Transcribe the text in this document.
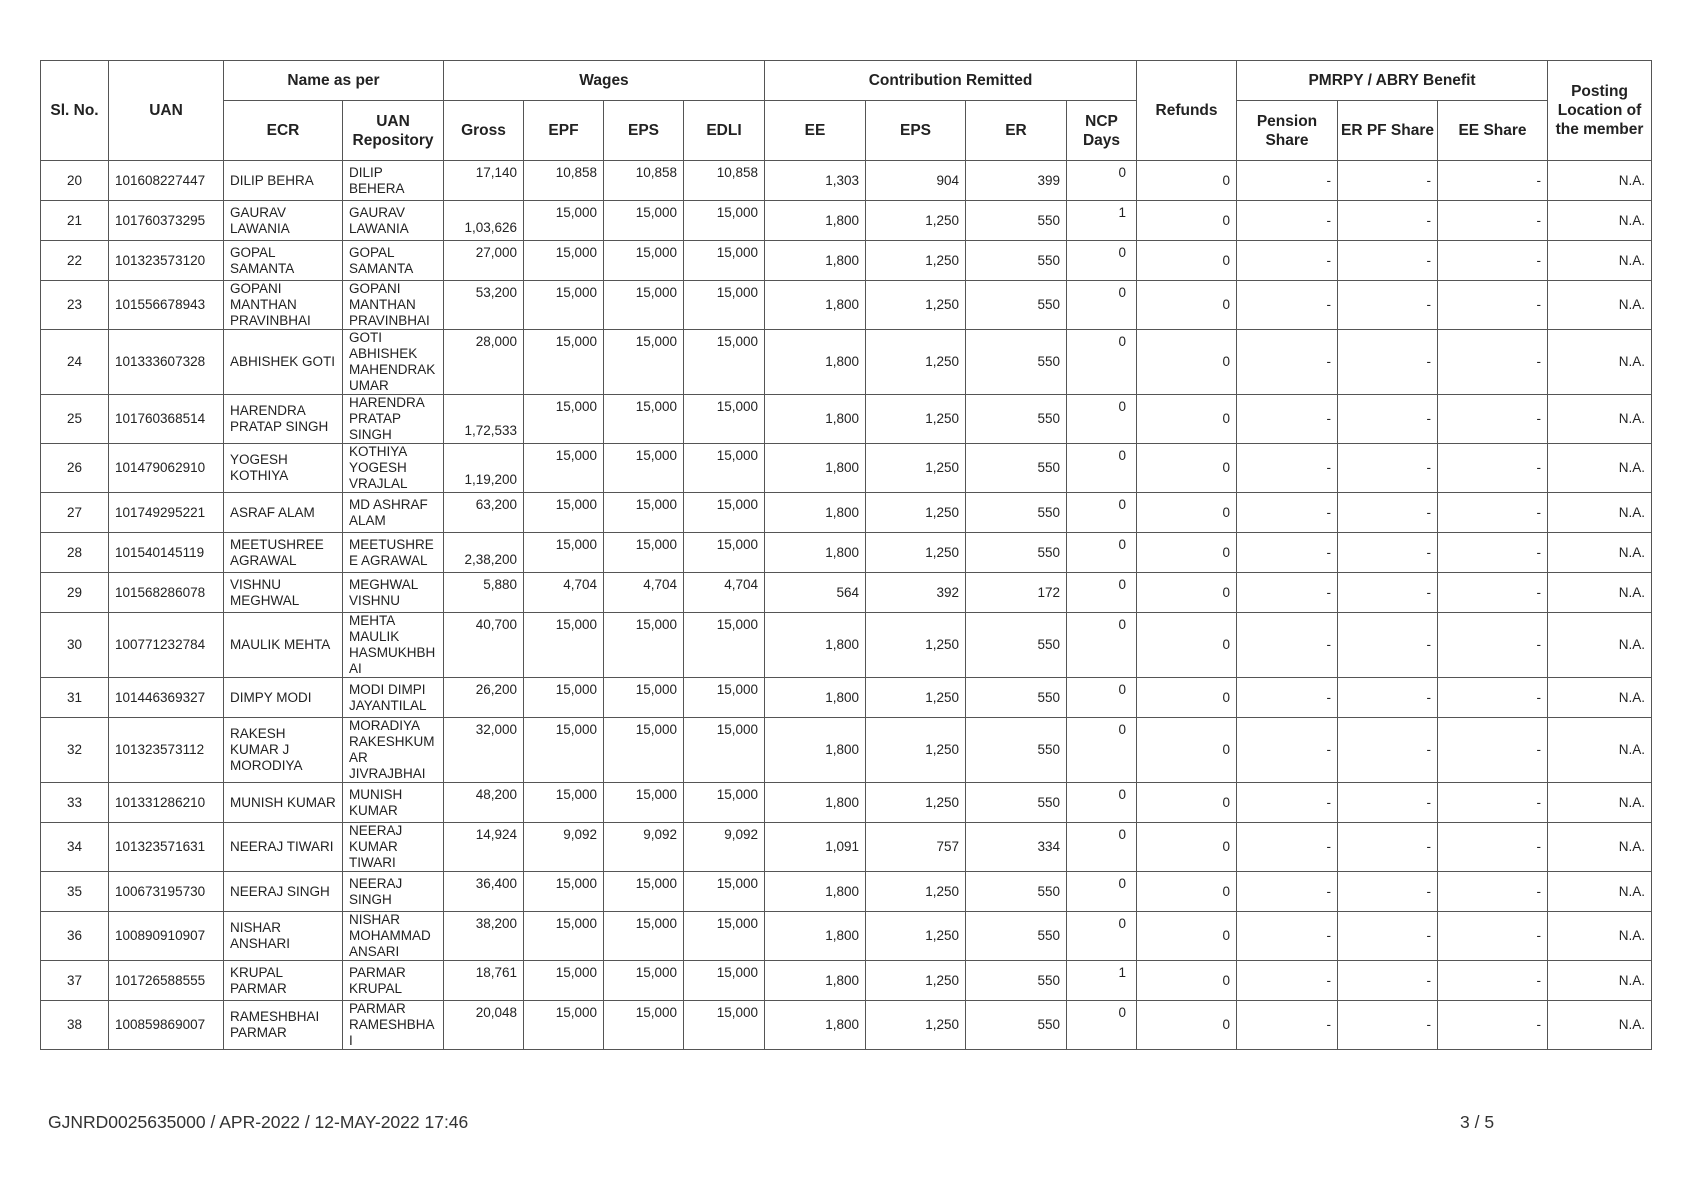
Sl. No.	UAN	Name as per		Wages				Contribution Remitted				Refunds	PMRPY / ABRY Benefit			Posting Location of the member
		ECR	UAN Repository	Gross	EPF	EPS	EDLI	EE	EPS	ER	NCP Days		Pension Share	ER PF Share	EE Share	

20	101608227447	DILIP BEHRA	DILIP
BEHERA	17,140	10,858	10,858	10,858	1,303	904	399	0	0	-	-	-	N.A.

21	101760373295	GAURAV
LAWANIA	GAURAV
LAWANIA	1,03,626	15,000	15,000	15,000	1,800	1,250	550	1	0	-	-	-	N.A.

22	101323573120	GOPAL
SAMANTA	GOPAL
SAMANTA	27,000	15,000	15,000	15,000	1,800	1,250	550	0	0	-	-	-	N.A.

23	101556678943	GOPANI
MANTHAN
PRAVINBHAI	GOPANI
MANTHAN
PRAVINBHAI	53,200	15,000	15,000	15,000	1,800	1,250	550	0	0	-	-	-	N.A.

24	101333607328	ABHISHEK GOTI	GOTI
ABHISHEK
MAHENDRAK
UMAR	28,000	15,000	15,000	15,000	1,800	1,250	550	0	0	-	-	-	N.A.

25	101760368514	HARENDRA
PRATAP SINGH	HARENDRA
PRATAP
SINGH	1,72,533	15,000	15,000	15,000	1,800	1,250	550	0	0	-	-	-	N.A.

26	101479062910	YOGESH
KOTHIYA	KOTHIYA
YOGESH
VRAJLAL	1,19,200	15,000	15,000	15,000	1,800	1,250	550	0	0	-	-	-	N.A.

27	101749295221	ASRAF ALAM	MD ASHRAF
ALAM	63,200	15,000	15,000	15,000	1,800	1,250	550	0	0	-	-	-	N.A.

28	101540145119	MEETUSHREE
AGRAWAL	MEETUSHRE
E AGRAWAL	2,38,200	15,000	15,000	15,000	1,800	1,250	550	0	0	-	-	-	N.A.

29	101568286078	VISHNU
MEGHWAL	MEGHWAL
VISHNU	5,880	4,704	4,704	4,704	564	392	172	0	0	-	-	-	N.A.

30	100771232784	MAULIK MEHTA	MEHTA
MAULIK
HASMUKHBH
AI	40,700	15,000	15,000	15,000	1,800	1,250	550	0	0	-	-	-	N.A.

31	101446369327	DIMPY MODI	MODI DIMPI
JAYANTILAL	26,200	15,000	15,000	15,000	1,800	1,250	550	0	0	-	-	-	N.A.

32	101323573112	RAKESH
KUMAR J
MORODIYA	MORADIYA
RAKESHKUM
AR
JIVRAJBHAI	32,000	15,000	15,000	15,000	1,800	1,250	550	0	0	-	-	-	N.A.

33	101331286210	MUNISH KUMAR	MUNISH
KUMAR	48,200	15,000	15,000	15,000	1,800	1,250	550	0	0	-	-	-	N.A.

34	101323571631	NEERAJ TIWARI	NEERAJ
KUMAR
TIWARI	14,924	9,092	9,092	9,092	1,091	757	334	0	0	-	-	-	N.A.

35	100673195730	NEERAJ SINGH	NEERAJ
SINGH	36,400	15,000	15,000	15,000	1,800	1,250	550	0	0	-	-	-	N.A.

36	100890910907	NISHAR
ANSHARI	NISHAR
MOHAMMAD
ANSARI	38,200	15,000	15,000	15,000	1,800	1,250	550	0	0	-	-	-	N.A.

37	101726588555	KRUPAL
PARMAR	PARMAR
KRUPAL	18,761	15,000	15,000	15,000	1,800	1,250	550	1	0	-	-	-	N.A.

38	100859869007	RAMESHBHAI
PARMAR	PARMAR
RAMESHBHAI	20,048	15,000	15,000	15,000	1,800	1,250	550	0	0	-	-	-	N.A.
GJNRD0025635000 / APR-2022 / 12-MAY-2022 17:46	3 / 5
